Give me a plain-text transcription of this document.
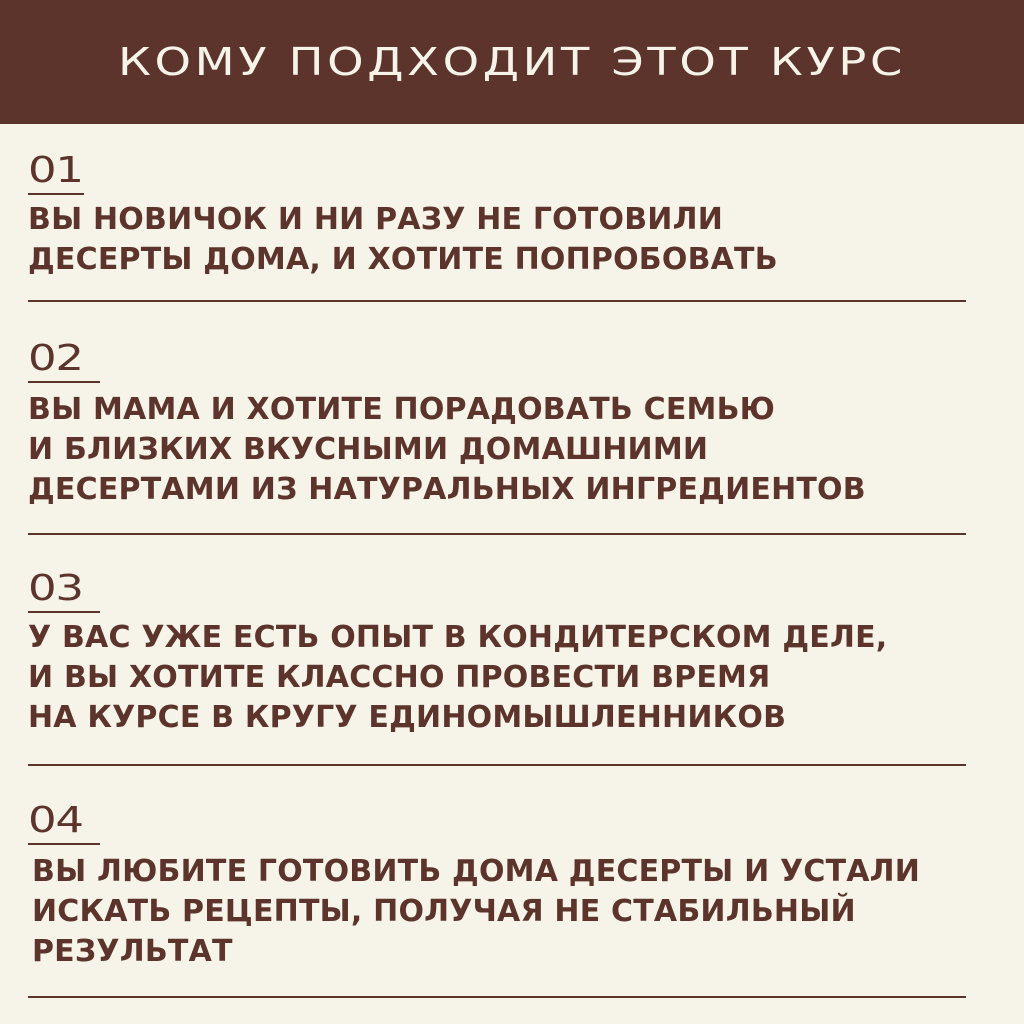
КОМУ ПОДХОДИТ ЭТОТ КУРС
01
ВЫ НОВИЧОК И НИ РАЗУ НЕ ГОТОВИЛИ
ДЕСЕРТЫ ДОМА, И ХОТИТЕ ПОПРОБОВАТЬ
02
ВЫ МАМА И ХОТИТЕ ПОРАДОВАТЬ СЕМЬЮ
И БЛИЗКИХ ВКУСНЫМИ ДОМАШНИМИ
ДЕСЕРТАМИ ИЗ НАТУРАЛЬНЫХ ИНГРЕДИЕНТОВ
03
У ВАС УЖЕ ЕСТЬ ОПЫТ В КОНДИТЕРСКОМ ДЕЛЕ,
И ВЫ ХОТИТЕ КЛАССНО ПРОВЕСТИ ВРЕМЯ
НА КУРСЕ В КРУГУ ЕДИНОМЫШЛЕННИКОВ
04
ВЫ ЛЮБИТЕ ГОТОВИТЬ ДОМА ДЕСЕРТЫ И УСТАЛИ
ИСКАТЬ РЕЦЕПТЫ, ПОЛУЧАЯ НЕ СТАБИЛЬНЫЙ
РЕЗУЛЬТАТ
